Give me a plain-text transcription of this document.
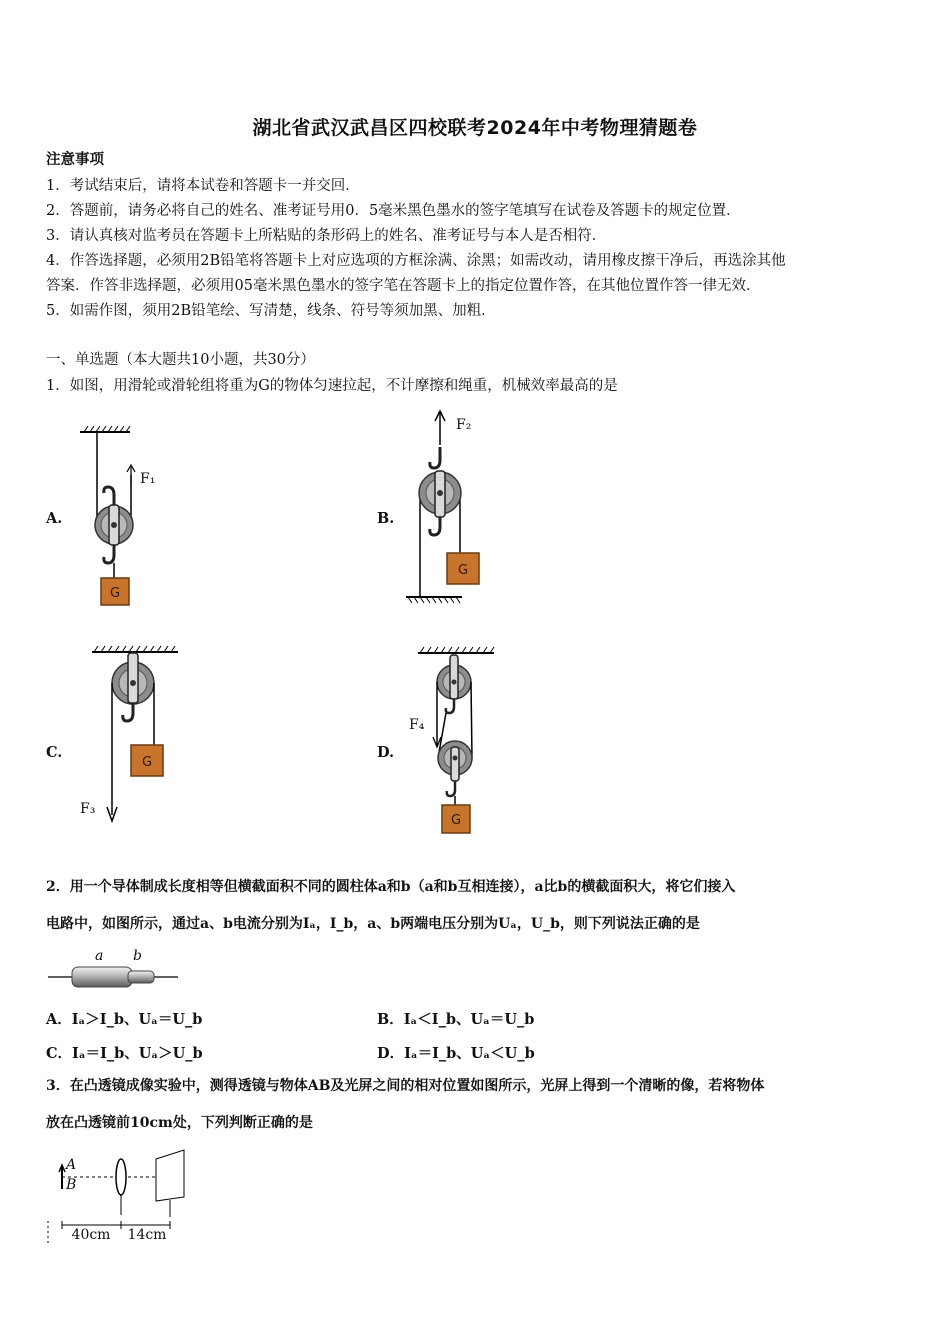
湖北省武汉武昌区四校联考2024年中考物理猜题卷
注意事项
1．考试结束后，请将本试卷和答题卡一并交回．
2．答题前，请务必将自己的姓名、准考证号用0．5毫米黑色墨水的签字笔填写在试卷及答题卡的规定位置．
3．请认真核对监考员在答题卡上所粘贴的条形码上的姓名、准考证号与本人是否相符．
4．作答选择题，必须用2B铅笔将答题卡上对应选项的方框涂满、涂黑；如需改动，请用橡皮擦干净后，再选涂其他
答案．作答非选择题，必须用05毫米黑色墨水的签字笔在答题卡上的指定位置作答，在其他位置作答一律无效．
5．如需作图，须用2B铅笔绘、写清楚，线条、符号等须加黑、加粗．
一、单选题（本大题共10小题，共30分）
1．如图，用滑轮或滑轮组将重为G的物体匀速拉起，不计摩擦和绳重，机械效率最高的是
A.	B.
C.	D.
F₁
G
F₂
G
F₃
G
F₄
G
2．用一个导体制成长度相等但横截面积不同的圆柱体a和b（a和b互相连接），a比b的横截面积大，将它们接入
电路中，如图所示，通过a、b电流分别为Iₐ，I_b，a、b两端电压分别为Uₐ，U_b，则下列说法正确的是
a b
A．Iₐ＞I_b、Uₐ＝U_b	B．Iₐ＜I_b、Uₐ＝U_b
C．Iₐ＝I_b、Uₐ＞U_b	D．Iₐ＝I_b、Uₐ＜U_b
3．在凸透镜成像实验中，测得透镜与物体AB及光屏之间的相对位置如图所示，光屏上得到一个清晰的像，若将物体
放在凸透镜前10cm处，下列判断正确的是
A
B
40cm 14cm
